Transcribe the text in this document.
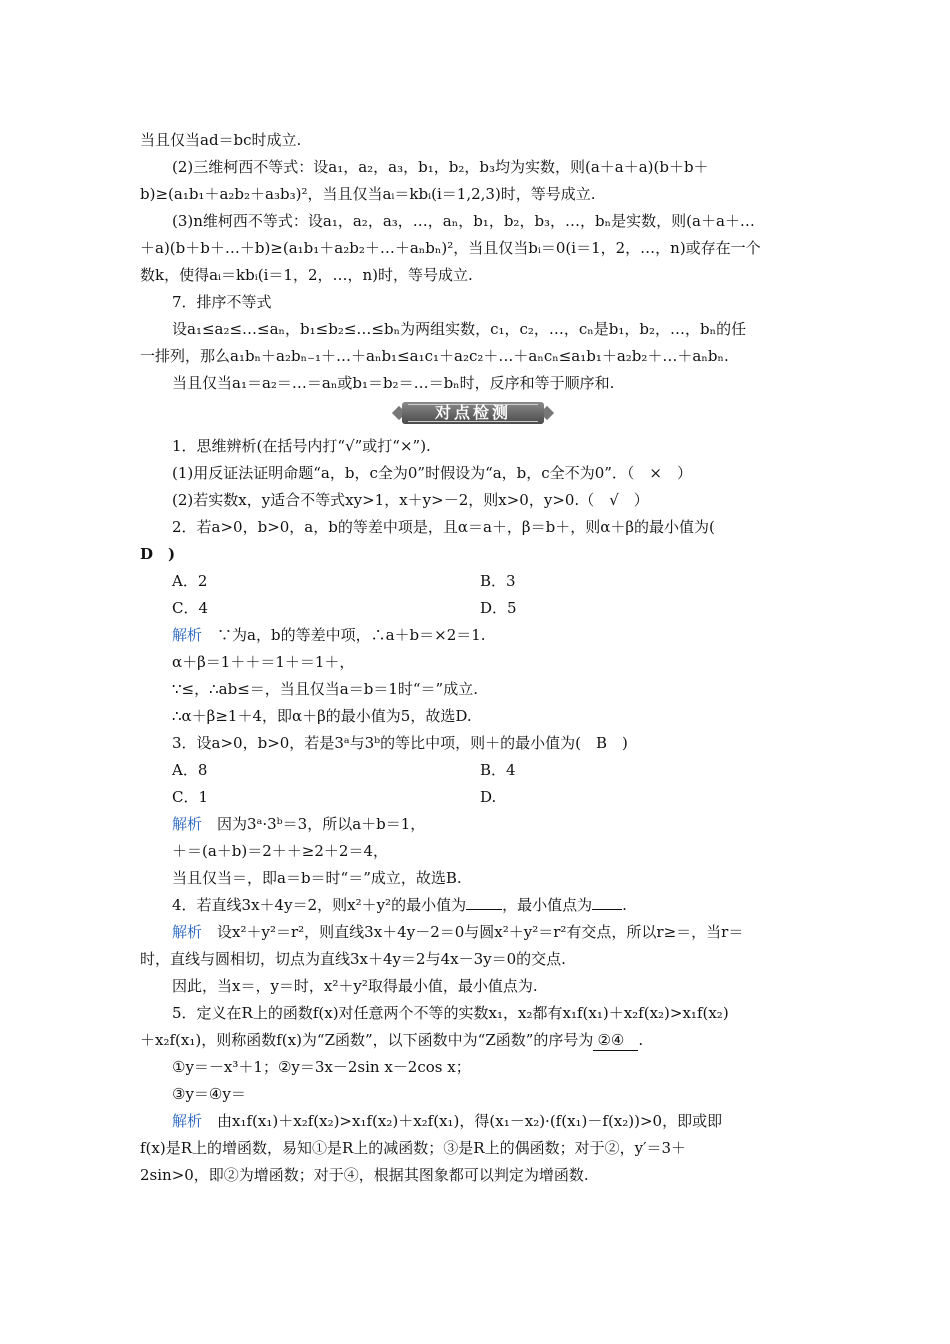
当且仅当ad＝bc时成立.
(2)三维柯西不等式：设a₁，a₂，a₃，b₁，b₂，b₃均为实数，则(a＋a＋a)(b＋b＋
b)≥(a₁b₁＋a₂b₂＋a₃b₃)²，当且仅当aᵢ＝kbᵢ(i＝1,2,3)时，等号成立.
(3)n维柯西不等式：设a₁，a₂，a₃，…，aₙ，b₁，b₂，b₃，…，bₙ是实数，则(a＋a＋…
＋a)(b＋b＋…＋b)≥(a₁b₁＋a₂b₂＋…＋aₙbₙ)²，当且仅当bᵢ＝0(i＝1，2，…，n)或存在一个
数k，使得aᵢ＝kbᵢ(i＝1，2，…，n)时，等号成立.
7．排序不等式
设a₁≤a₂≤…≤aₙ，b₁≤b₂≤…≤bₙ为两组实数，c₁，c₂，…，cₙ是b₁，b₂，…，bₙ的任
一排列，那么a₁bₙ＋a₂bₙ₋₁＋…＋aₙb₁≤a₁c₁＋a₂c₂＋…＋aₙcₙ≤a₁b₁＋a₂b₂＋…＋aₙbₙ.
当且仅当a₁＝a₂＝…＝aₙ或b₁＝b₂＝…＝bₙ时，反序和等于顺序和.
对点检测
1．思维辨析(在括号内打“√”或打“×”).
(1)用反证法证明命题“a，b，c全为0”时假设为“a，b，c全不为0”．（　×　）
(2)若实数x，y适合不等式xy>1，x＋y>－2，则x>0，y>0.（　√　）
2．若a>0，b>0，a，b的等差中项是，且α＝a＋，β＝b＋，则α＋β的最小值为(
D　)
A．2	B．3
C．4	D．5
解析　 ∵为a，b的等差中项，∴a＋b＝×2＝1.
α＋β＝1＋＋＝1＋＝1＋，
∵≤，∴ab≤＝，当且仅当a＝b＝1时“＝”成立.
∴α＋β≥1＋4，即α＋β的最小值为5，故选D.
3．设a>0，b>0，若是3ᵃ与3ᵇ的等比中项，则＋的最小值为(　B　)
A．8	B．4
C．1	D.
解析　 因为3ᵃ·3ᵇ＝3，所以a＋b＝1，
＋＝(a＋b)＝2＋＋≥2＋2＝4，
当且仅当＝，即a＝b＝时“＝”成立，故选B.
4．若直线3x＋4y＝2，则x²＋y²的最小值为 ，最小值点为 .
解析　 设x²＋y²＝r²，则直线3x＋4y－2＝0与圆x²＋y²＝r²有交点，所以r≥＝，当r＝
时，直线与圆相切，切点为直线3x＋4y＝2与4x－3y＝0的交点.
因此，当x＝，y＝时，x²＋y²取得最小值，最小值点为.
5．定义在R上的函数f(x)对任意两个不等的实数x₁，x₂都有x₁f(x₁)＋x₂f(x₂)>x₁f(x₂)
＋x₂f(x₁)，则称函数f(x)为“Z函数”，以下函数中为“Z函数”的序号为 ②④ .
①y＝－x³＋1；②y＝3x－2sin x－2cos x；
③y＝④y＝
解析　 由x₁f(x₁)＋x₂f(x₂)>x₁f(x₂)＋x₂f(x₁)，得(x₁－x₂)·(f(x₁)－f(x₂))>0，即或即
f(x)是R上的增函数，易知①是R上的减函数；③是R上的偶函数；对于②，y′＝3＋
2sin>0，即②为增函数；对于④，根据其图象都可以判定为增函数.
